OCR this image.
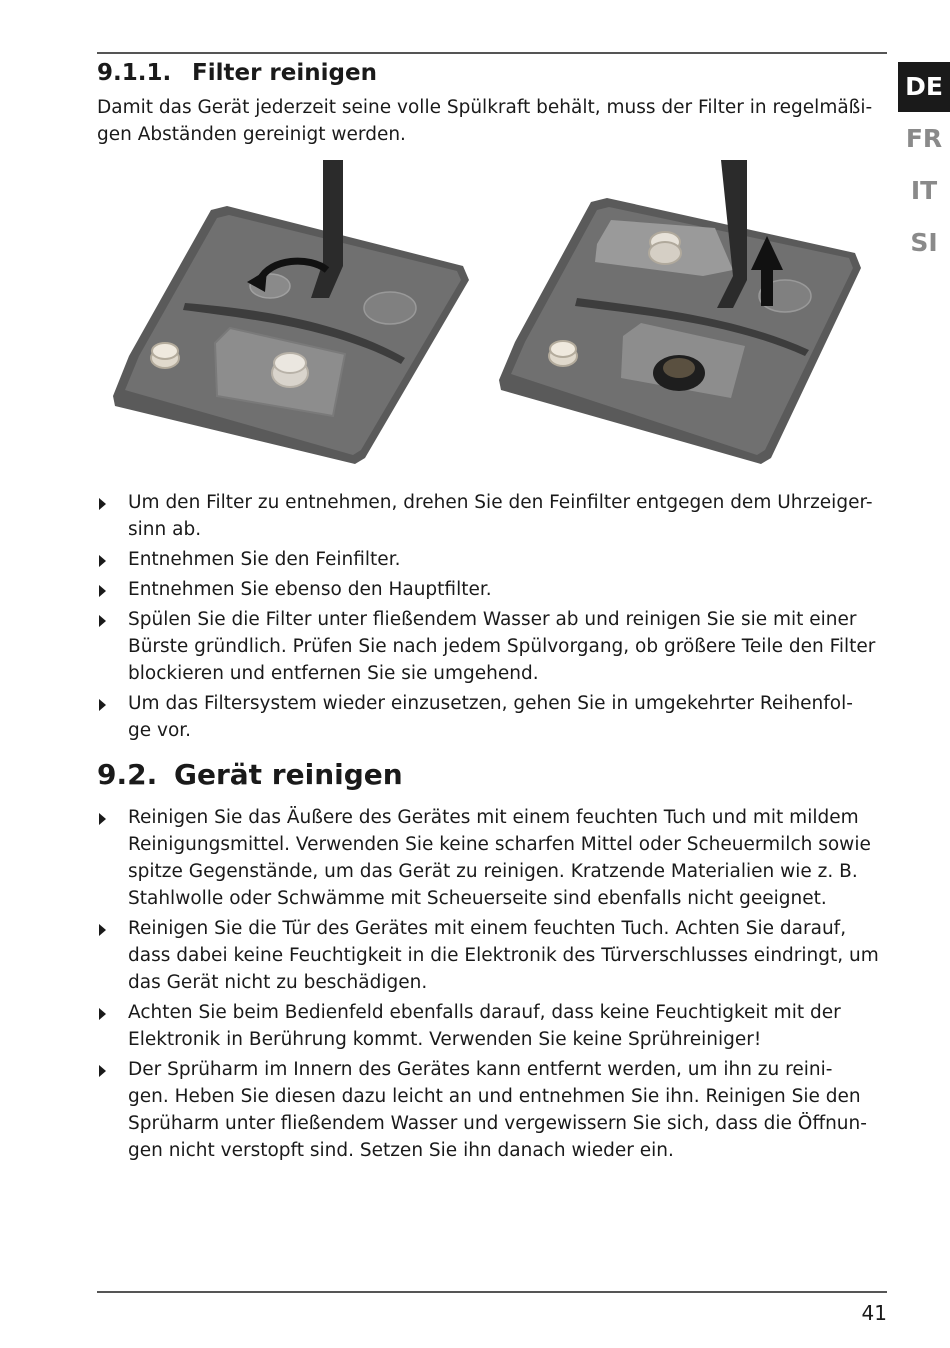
DE
FR
IT
SI
9.1.1. Filter reinigen

Damit das Gerät jederzeit seine volle Spülkraft behält, muss der Filter in regelmäßi-
gen Abständen gereinigt werden.

Um den Filter zu entnehmen, drehen Sie den Feinfilter entgegen dem Uhrzeiger-
sinn ab.
Entnehmen Sie den Feinfilter.
Entnehmen Sie ebenso den Hauptfilter.
Spülen Sie die Filter unter fließendem Wasser ab und reinigen Sie sie mit einer Bürste gründlich. Prüfen Sie nach jedem Spülvorgang, ob größere Teile den Filter blockieren und entfernen Sie sie umgehend.
Um das Filtersystem wieder einzusetzen, gehen Sie in umgekehrter Reihenfol-
ge vor.
9.2. Gerät reinigen
Reinigen Sie das Äußere des Gerätes mit einem feuchten Tuch und mit mildem Reinigungsmittel. Verwenden Sie keine scharfen Mittel oder Scheuermilch sowie spitze Gegenstände, um das Gerät zu reinigen. Kratzende Materialien wie z. B. Stahlwolle oder Schwämme mit Scheuerseite sind ebenfalls nicht geeignet.
Reinigen Sie die Tür des Gerätes mit einem feuchten Tuch. Achten Sie darauf, dass dabei keine Feuchtigkeit in die Elektronik des Türverschlusses eindringt, um das Gerät nicht zu beschädigen.
Achten Sie beim Bedienfeld ebenfalls darauf, dass keine Feuchtigkeit mit der Elektronik in Berührung kommt. Verwenden Sie keine Sprühreiniger!
Der Sprüharm im Innern des Gerätes kann entfernt werden, um ihn zu reini-
gen. Heben Sie diesen dazu leicht an und entnehmen Sie ihn. Reinigen Sie den Sprüharm unter fließendem Wasser und vergewissern Sie sich, dass die Öffnun-
gen nicht verstopft sind. Setzen Sie ihn danach wieder ein.
41
